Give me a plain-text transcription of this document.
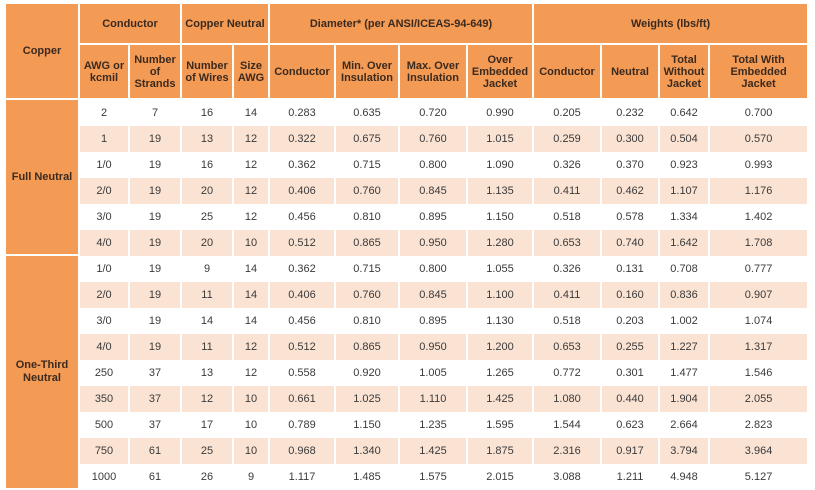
Copper	Conductor		Copper Neutral		Diameter* (per ANSI/ICEAS-94-649)				Weights (lbs/ft)			
	AWG or kcmil	Number of Strands	Number of Wires	Size AWG	Conductor	Min. Over Insulation	Max. Over Insulation	Over Embedded Jacket	Conductor	Neutral	Total Without Jacket	Total With Embedded Jacket
Full Neutral	2	7	16	14	0.283	0.635	0.720	0.990	0.205	0.232	0.642	0.700
	1	19	13	12	0.322	0.675	0.760	1.015	0.259	0.300	0.504	0.570
	1/0	19	16	12	0.362	0.715	0.800	1.090	0.326	0.370	0.923	0.993
	2/0	19	20	12	0.406	0.760	0.845	1.135	0.411	0.462	1.107	1.176
	3/0	19	25	12	0.456	0.810	0.895	1.150	0.518	0.578	1.334	1.402
	4/0	19	20	10	0.512	0.865	0.950	1.280	0.653	0.740	1.642	1.708
One-Third Neutral	1/0	19	9	14	0.362	0.715	0.800	1.055	0.326	0.131	0.708	0.777
	2/0	19	11	14	0.406	0.760	0.845	1.100	0.411	0.160	0.836	0.907
	3/0	19	14	14	0.456	0.810	0.895	1.130	0.518	0.203	1.002	1.074
	4/0	19	11	12	0.512	0.865	0.950	1.200	0.653	0.255	1.227	1.317
	250	37	13	12	0.558	0.920	1.005	1.265	0.772	0.301	1.477	1.546
	350	37	12	10	0.661	1.025	1.110	1.425	1.080	0.440	1.904	2.055
	500	37	17	10	0.789	1.150	1.235	1.595	1.544	0.623	2.664	2.823
	750	61	25	10	0.968	1.340	1.425	1.875	2.316	0.917	3.794	3.964
	1000	61	26	9	1.117	1.485	1.575	2.015	3.088	1.211	4.948	5.127
